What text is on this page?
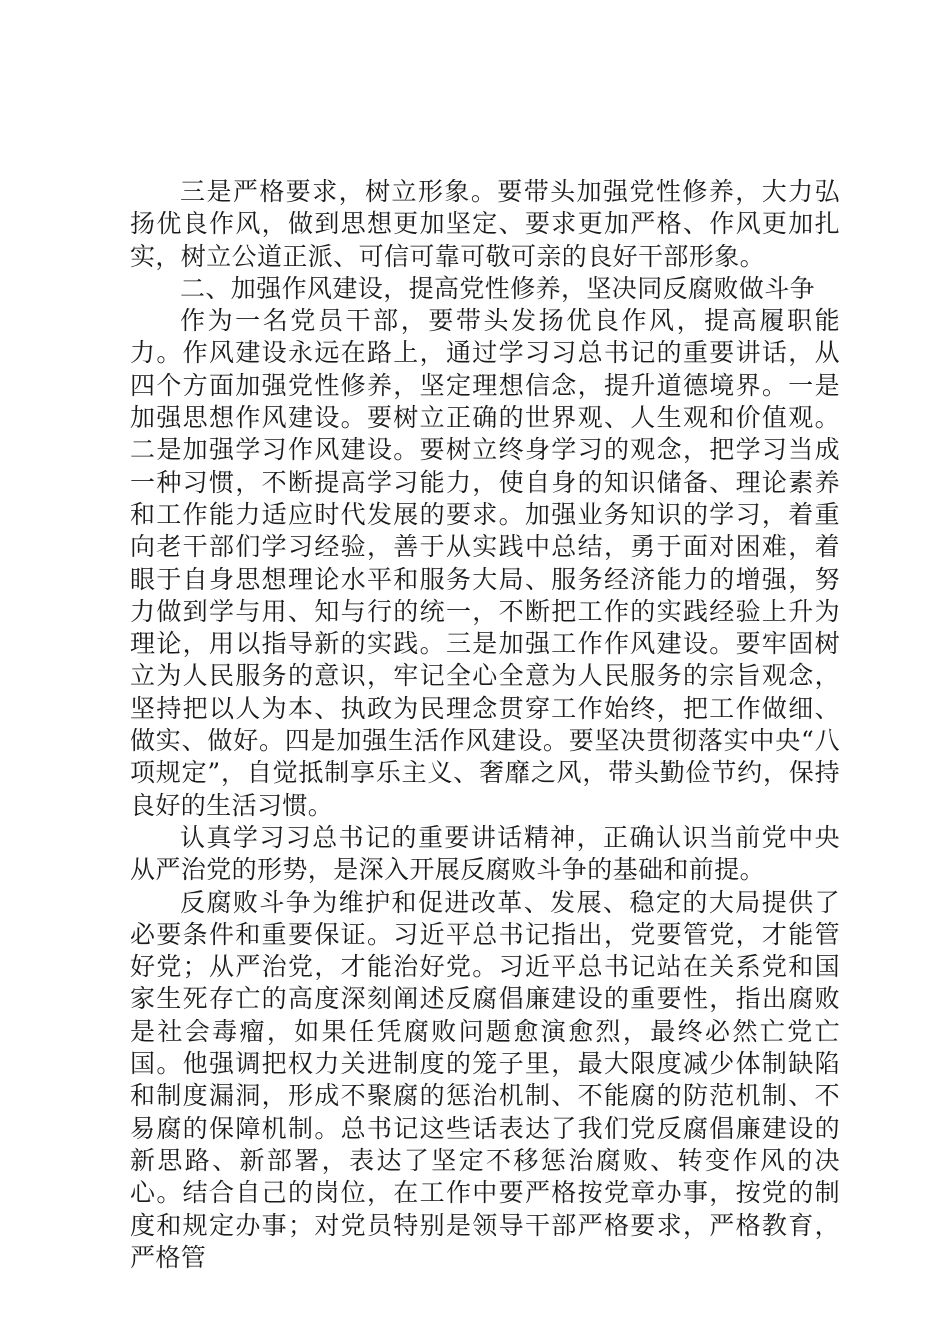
三是严格要求，树立形象。要带头加强党性修养，大力弘扬优良作风，做到思想更加坚定、要求更加严格、作风更加扎实，树立公道正派、可信可靠可敬可亲的良好干部形象。

二、加强作风建设，提高党性修养，坚决同反腐败做斗争

作为一名党员干部，要带头发扬优良作风，提高履职能力。作风建设永远在路上，通过学习习总书记的重要讲话，从四个方面加强党性修养，坚定理想信念，提升道德境界。一是加强思想作风建设。要树立正确的世界观、人生观和价值观。二是加强学习作风建设。要树立终身学习的观念，把学习当成一种习惯，不断提高学习能力，使自身的知识储备、理论素养和工作能力适应时代发展的要求。加强业务知识的学习，着重向老干部们学习经验，善于从实践中总结，勇于面对困难，着眼于自身思想理论水平和服务大局、服务经济能力的增强，努力做到学与用、知与行的统一，不断把工作的实践经验上升为理论，用以指导新的实践。三是加强工作作风建设。要牢固树立为人民服务的意识，牢记全心全意为人民服务的宗旨观念，坚持把以人为本、执政为民理念贯穿工作始终，把工作做细、做实、做好。四是加强生活作风建设。要坚决贯彻落实中央“八项规定”，自觉抵制享乐主义、奢靡之风，带头勤俭节约，保持良好的生活习惯。

认真学习习总书记的重要讲话精神，正确认识当前党中央从严治党的形势，是深入开展反腐败斗争的基础和前提。

反腐败斗争为维护和促进改革、发展、稳定的大局提供了必要条件和重要保证。习近平总书记指出，党要管党，才能管好党；从严治党，才能治好党。习近平总书记站在关系党和国家生死存亡的高度深刻阐述反腐倡廉建设的重要性，指出腐败是社会毒瘤，如果任凭腐败问题愈演愈烈，最终必然亡党亡国。他强调把权力关进制度的笼子里，最大限度减少体制缺陷和制度漏洞，形成不聚腐的惩治机制、不能腐的防范机制、不易腐的保障机制。总书记这些话表达了我们党反腐倡廉建设的新思路、新部署，表达了坚定不移惩治腐败、转变作风的决心。结合自己的岗位，在工作中要严格按党章办事，按党的制度和规定办事；对党员特别是领导干部严格要求，严格教育，严格管
